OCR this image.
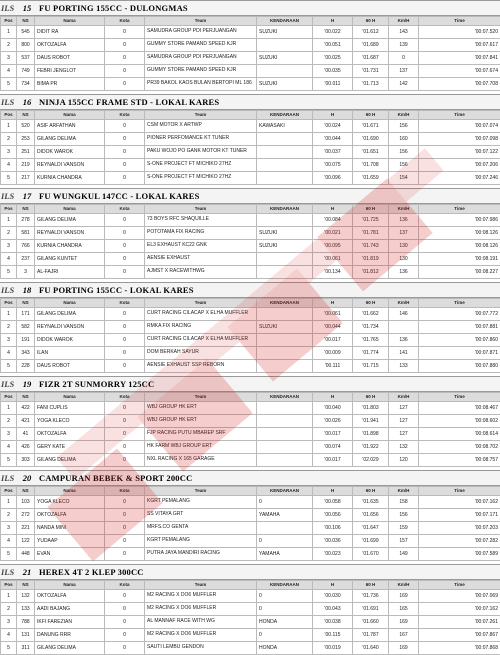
ILS	15 FU PORTING 155CC - DULONGMAS
Pos	NS	Nama	Kota	Team	KENDARAAN	H	60 H	Km/H	Time
1	545	DIDIT RA	0	SAMUDRA GROUP PDI PERJUANGAN	SUZUKI	'00.022	'01.612	143	'00:07.520
2	800	OKTOZALFA	0	GUMMY STORE PAMAND SPEED KJR		'00.051	'01.689	139	'00:07.617
3	537	DAUS ROBOT	0	SAMUDRA GROUP PDI PERJUANGAN	SUZUKI	'00.025	'01.687	0	'00:07.841
4	749	FEBRI JENGLOT	0	GUMMY STORE PAMAND SPEED KJR		'00.035	'01.731	137	'00:07.674
5	734	BIMA PR	0	PR39 BAKOL KAOS BULAN BERTOPI ML 186	SUZUKI	'00.011	'01.713	142	'00:07.708
ILS	16 NINJA 155CC FRAME STD - LOKAL KARES
Pos	NS	Nama	Kota	Team	KENDARAAN	H	60 H	Km/H	Time
1	520	ASIF ARFATHAN	0	CSM MOTOR X ARTWP	KAWASAKI	'00.024	'01.671	156	'00:07.074
2	253	GILANG DELIMA	0	PIONER PERFOMANCE KT TUNER		'00.044	'01.690	160	'00:07.098
3	251	DIDOK WAROK	0	PAKU WOJO PO GANK MOTOR KT TUNER		'00.037	'01.651	156	'00:07.122
4	219	REYNALDI VANSON	0	S-ONE PROJECT FT MICHIKO 27HZ		'00.075	'01.708	156	'00:07.206
5	217	KURNIA CHANDRA	0	S-ONE PROJECT FT MICHIKO 27HZ		'00.096	'01.659	154	'00:07.246
ILS	17 FU WUNGKUL 147CC - LOKAL KARES
Pos	NS	Nama	Kota	Team	KENDARAAN	H	60 H	Km/H	Time
1	278	GILANG DELIMA	0	73 BOYS RFC SHAQUILLE		'00.084	'01.725	136	'00:07.986
2	581	REYNALDI VANSON	0	POTOTAMA FIX RACING	SUZUKI	'00.021	'01.781	137	'00:08.126
3	766	KURNIA CHANDRA	0	EL3 EXHAUST KC22 GNK	SUZUKI	'00.095	'01.743	130	'00:08.126
4	237	GILANG KUNTET	0	AENSIE EXHAUST		'00.061	'01.819	130	'00:08.191
5	3	AL-FAJRI	0	AJMST X RACEWITHWG		'00.134	'01.812	136	'00:08.227
ILS	18 FU PORTING 155CC - LOKAL KARES
Pos	NS	Nama	Kota	Team	KENDARAAN	H	60 H	Km/H	Time
1	171	GILANG DELIMA	0	CURT RACING CILACAP X ELHA MUFFLER		'00.061	'01.662	146	'00:07.772
2	582	REYNALDI VANSON	0	RMKA FIX RACING	SUZUKI	'00.044	'01.734		'00:07.881
3	191	DIDOK WAROK	0	CURT RACING CILACAP X ELHA MUFFLER		'00.017	'01.765	136	'00:07.860
4	343	ILAN	0	DOM BERKAH SAYUR		'00.009	'01.774	141	'00:07.871
5	228	DAUS ROBOT	0	AENSIE EXHAUST SSP REBORN		'00.111	'01.715	133	'00:07.880
ILS	19 FIZR 2T SUNMORRY 125CC
Pos	NS	Nama	Kota	Team	KENDARAAN	H	60 H	Km/H	Time
1	422	FANI CUPLIS	0	WBJ GROUP HK ERT		'00.040	'01.803	127	'00:08.467
2	421	YOGA KLECO	0	WBJ GROUP HK ERT		'00.026	'01.941	127	'00:08.602
3	41	OKTOZALFA	0	FJP RACING PUTU MBAREP SRF		'00.017	'01.898	127	'00:08.614
4	426	GERY KATE	0	HK FARM WBJ GROUP ERT		'00.074	'01.922	132	'00:08.702
5	303	GILANG DELIMA	0	NXL RACING X 165 GARAGE		'00.017	'02.029	120	'00:08.757
ILS	20 CAMPURAN BEBEK & SPORT 200CC
Pos	NS	Nama	Kota	Team	KENDARAAN	H	60 H	Km/H	Time
1	103	YOGA KLECO	0	KGRT PEMALANG	0	'00.058	'01.635	158	'00:07.162
2	272	OKTOZALFA	0	SS VITAYA GRT	YAMAHA	'00.056	'01.656	156	'00:07.171
3	221	NANDA MINI	0	MRFS.CO GENTA		'00.106	'01.647	159	'00:07.203
4	122	YUDAAP	0	KGRT PEMALANG	0	'00.036	'01.699	157	'00:07.282
5	448	EVAN	0	PUTRA JAYA MANDIRI RACING	YAMAHA	'00.023	'01.670	149	'00:07.589
ILS	21 HEREX 4T 2 KLEP 300CC
Pos	NS	Nama	Kota	Team	KENDARAAN	H	60 H	Km/H	Time
1	132	OKTOZALFA	0	M2 RACING X DO6 MUFFLER	0	'00.030	'01.736	169	'00:07.069
2	133	AADI BAJANG	0	M2 RACING X DO6 MUFFLER	0	'00.043	'01.691	165	'00:07.162
3	788	IKFI FAREZIAN	0	AL MANNAF RACE WITH WG	HONDA	'00.038	'01.660	169	'00:07.261
4	131	DANUNG RRR	0	M2 RACING X DO6 MUFFLER	0	'00.115	'01.787	167	'00:07.867
5	311	GILANG DELIMA	0	SAUTI LEMBU GENDON	HONDA	'00.019	'01.640	169	'00:07.868
